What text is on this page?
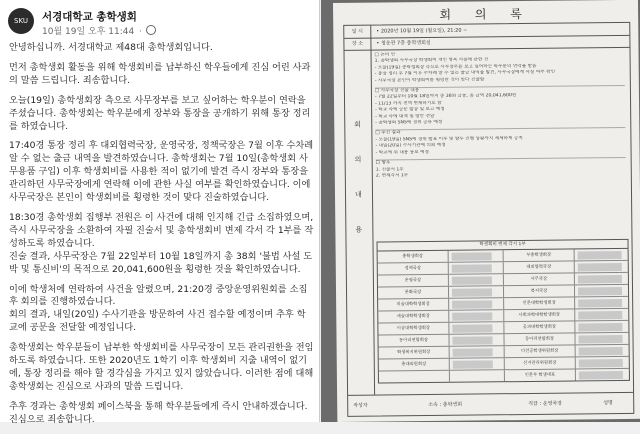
SKU	서경대학교 총학생회
10월 19일 오후 11:44 ·

안녕하십니까. 서경대학교 제48대 총학생회입니다.

먼저 총학생회 활동을 위해 학생회비를 납부하신 학우들에게 진심 어린 사과의 말씀 드립니다. 죄송합니다.

오늘(19일) 총학생회장 측으로 사무장부를 보고 싶어하는 학우분이 연락을 주셨습니다. 총학생회는 학우분에게 장부와 통장을 공개하기 위해 통장 정리를 하였습니다.

17:40경 통장 정리 후 대외협력국장, 운영국장, 정책국장은 7월 이후 수차례 알 수 없는 출금 내역을 발견하였습니다. 총학생회는 7월 10일(총학생회 사무용품 구입) 이후 학생회비를 사용한 적이 없기에 발견 즉시 장부와 통장을 관리하던 사무국장에게 연락해 이에 관한 사실 여부를 확인하였습니다. 이에 사무국장은 본인이 학생회비를 횡령한 것이 맞다 진술하였습니다.

18:30경 총학생회 집행부 전원은 이 사건에 대해 인지해 긴급 소집하였으며, 즉시 사무국장을 소환하여 자필 진술서 및 총학생회비 변제 각서 각 1부를 작성하도록 하였습니다.
진술 결과, 사무국장은 7월 22일부터 10월 18일까지 총 38회 '불법 사설 도박 및 통신비'의 목적으로 20,041,600원을 횡령한 것을 확인하였습니다.

이에 학생처에 연락하여 사건을 알렸으며, 21:20경 중앙운영위원회를 소집 후 회의를 진행하였습니다.
회의 결과, 내일(20일) 수사기관을 방문하여 사건 접수할 예정이며 추후 학교에 공문을 전달할 예정입니다.

총학생회는 학우분들이 납부한 학생회비를 사무국장이 모든 관리권한을 전임하도록 하였습니다. 또한 2020년도 1학기 이후 학생회비 지출 내역이 없기에, 통장 정리를 해야 할 경각심을 가지고 있지 않았습니다. 이러한 점에 대해 총학생회는 진심으로 사과의 말씀 드립니다.

추후 경과는 총학생회 페이스북을 통해 학우분들에게 즉시 안내하겠습니다. 진심으로 죄송합니다.

회 의 록
일 시	• 2020년 10월 19일 (월요일), 21:20 ~
장 소	• 청운관 7층 총학생회실
회
의
내
용
□ 논의 안
1. 총학생회 사무국장 학생회비 개인 명목 사용에 관한 건
- 오늘(19일) 총학생회장 측으로 사무장부를 보고 싶어하는 학우분의 연락을 받음
- 통장 정리 후 7월 이후 수차례 알 수 없는 출금 내역을 발견, 사무국장에게 사실 여부 확인
- 사무국장 본인이 학생회비를 횡령한 것이 맞다 진술함
□ 사무국장 진술 내용
- 7월 22일부터 10월 18일까지 총 38회 금융, 총 금액 20,041,600원
- 11/13 까지 전액 변제하기로 함
- 학교 측에 공문 발송 및 보고 예정
- 학교 측에 대책 및 방안 전달
- 총학생회 SNS에 경위 공유 예정
□ 추진 결과
- 오늘(19일) SNS에 경위 발표 이후 및 향후 진행 상황까지 세세하게 공지
- 내일(20일) 수사기관에 의뢰 예정
- 학교에 위 내용 통보 예정
□ 향후
1. 진술서 1부
2. 변제각서 1부
학생회비 변제 각서 1부
총학생회장	부총학생회장
정책국장	대외협력국장
운영국장	사무국장
문화국장	복지국장
미술대학학생회장	인문대학학생회장
예술대학학생회장	사회과학대학학생회장
이공대학학생회장	공과대학학생회장
동아리연합회장	동아리연합회장
학생복지위원회장	다전공학생위원회장
총대의원회장	선거관리위원회장
인문부 학생대표
작성자	소속 : 총학생회	직급 : 운영국장	성명
